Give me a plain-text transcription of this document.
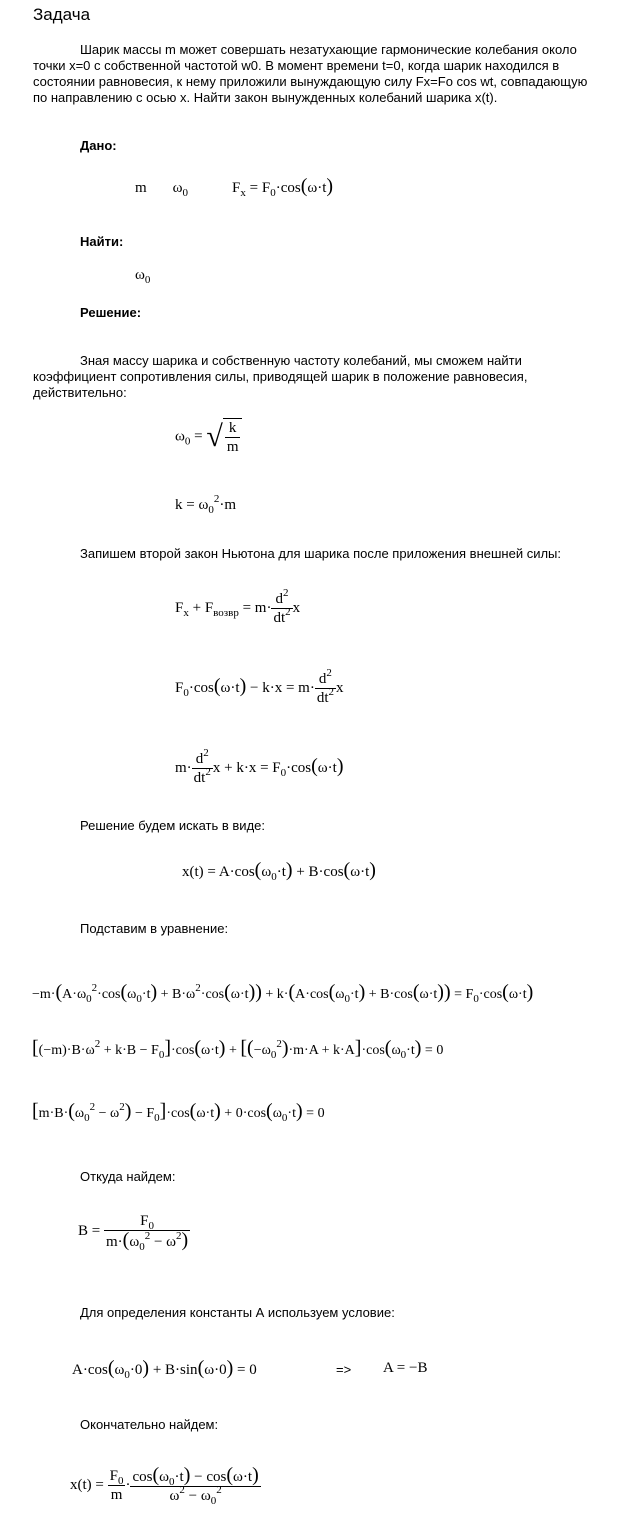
Задача
Шарик массы m может совершать незатухающие гармонические колебания около точки x=0 с собственной частотой w0. В момент времени t=0, когда шарик находился в состоянии равновесия, к нему приложили вынуждающую силу Fx=Fo cos wt, совпадающую по направлению с осью x. Найти закон вынужденных колебаний шарика x(t).
Дано:
m $\omega_0$	$F_x = F_0\cdot\cos(\omega\cdot t)$
Найти:
$\omega_0$
Решение:
Зная массу шарика и собственную частоту колебаний, мы сможем найти коэффициент сопротивления силы, приводящей шарик в положение равновесия, действительно:
$\omega_0$ = √ $\frac{k}{m}$
$k = \omega_0^2\cdot m$
Запишем второй закон Ньютона для шарика после приложения внешней силы:
$F_x + F_{возвр} = m\cdot \frac{d^2}{dt^2}$ x
$F_0\cdot\cos(\omega\cdot t) - k\cdot x = m\cdot \frac{d^2}{dt^2}$ x
$m\cdot \frac{d^2}{dt^2}$ $x + k\cdot x = F_0\cdot\cos(\omega\cdot t)$
Решение будем искать в виде:
$x(t) = A\cdot\cos(\omega_0\cdot t) + B\cdot\cos(\omega\cdot t)$
Подставим в уравнение:
$-m\cdot(A\cdot\omega_0^2\cdot\cos(\omega_0\cdot t) + B\cdot\omega^2\cdot\cos(\omega\cdot t)) + k\cdot(A\cdot\cos(\omega_0\cdot t) + B\cdot\cos(\omega\cdot t)) = F_0\cdot\cos(\omega\cdot t)$
$[(-m)\cdot B\cdot\omega^2 + k\cdot B - F_0]\cdot\cos(\omega\cdot t) + [(-\omega_0^2)\cdot m\cdot A + k\cdot A]\cdot\cos(\omega_0\cdot t) = 0$
$[m\cdot B\cdot(\omega_0^2 - \omega^2) - F_0]\cdot\cos(\omega\cdot t) + 0\cdot\cos(\omega_0\cdot t) = 0$
Откуда найдем:
$B = \frac{F_0}{m\cdot(\omega_0^2 - \omega^2)}$
Для определения константы А используем условие:
$A\cdot\cos(\omega_0\cdot 0) + B\cdot\sin(\omega\cdot 0) = 0$	=> A = −B
Окончательно найдем:
$x(t) = \frac{F_0}{m} \cdot \frac{\cos(\omega_0\cdot t) - \cos(\omega\cdot t)}{\omega^2 - \omega_0^2}$
